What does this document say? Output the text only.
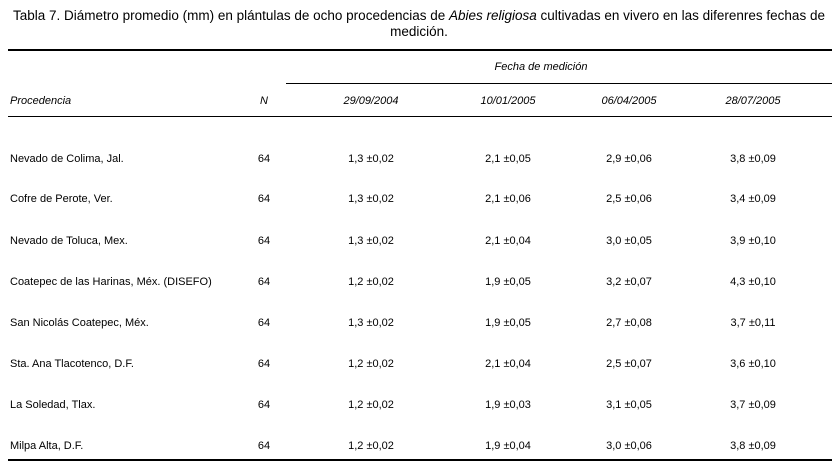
Tabla 7. Diámetro promedio (mm) en plántulas de ocho procedencias de Abies religiosa cultivadas en vivero en las diferenres fechas de medición.
Fecha de medición
Procedencia	N	29/09/2004	10/01/2005	06/04/2005	28/07/2005
Nevado de Colima, Jal.	64	1,3 ±0,02	2,1 ±0,05	2,9 ±0,06	3,8 ±0,09
Cofre de Perote, Ver.	64	1,3 ±0,02	2,1 ±0,06	2,5 ±0,06	3,4 ±0,09
Nevado de Toluca, Mex.	64	1,3 ±0,02	2,1 ±0,04	3,0 ±0,05	3,9 ±0,10
Coatepec de las Harinas, Méx. (DISEFO)	64	1,2 ±0,02	1,9 ±0,05	3,2 ±0,07	4,3 ±0,10
San Nicolás Coatepec, Méx.	64	1,3 ±0,02	1,9 ±0,05	2,7 ±0,08	3,7 ±0,11
Sta. Ana Tlacotenco, D.F.	64	1,2 ±0,02	2,1 ±0,04	2,5 ±0,07	3,6 ±0,10
La Soledad, Tlax.	64	1,2 ±0,02	1,9 ±0,03	3,1 ±0,05	3,7 ±0,09
Milpa Alta, D.F.	64	1,2 ±0,02	1,9 ±0,04	3,0 ±0,06	3,8 ±0,09
